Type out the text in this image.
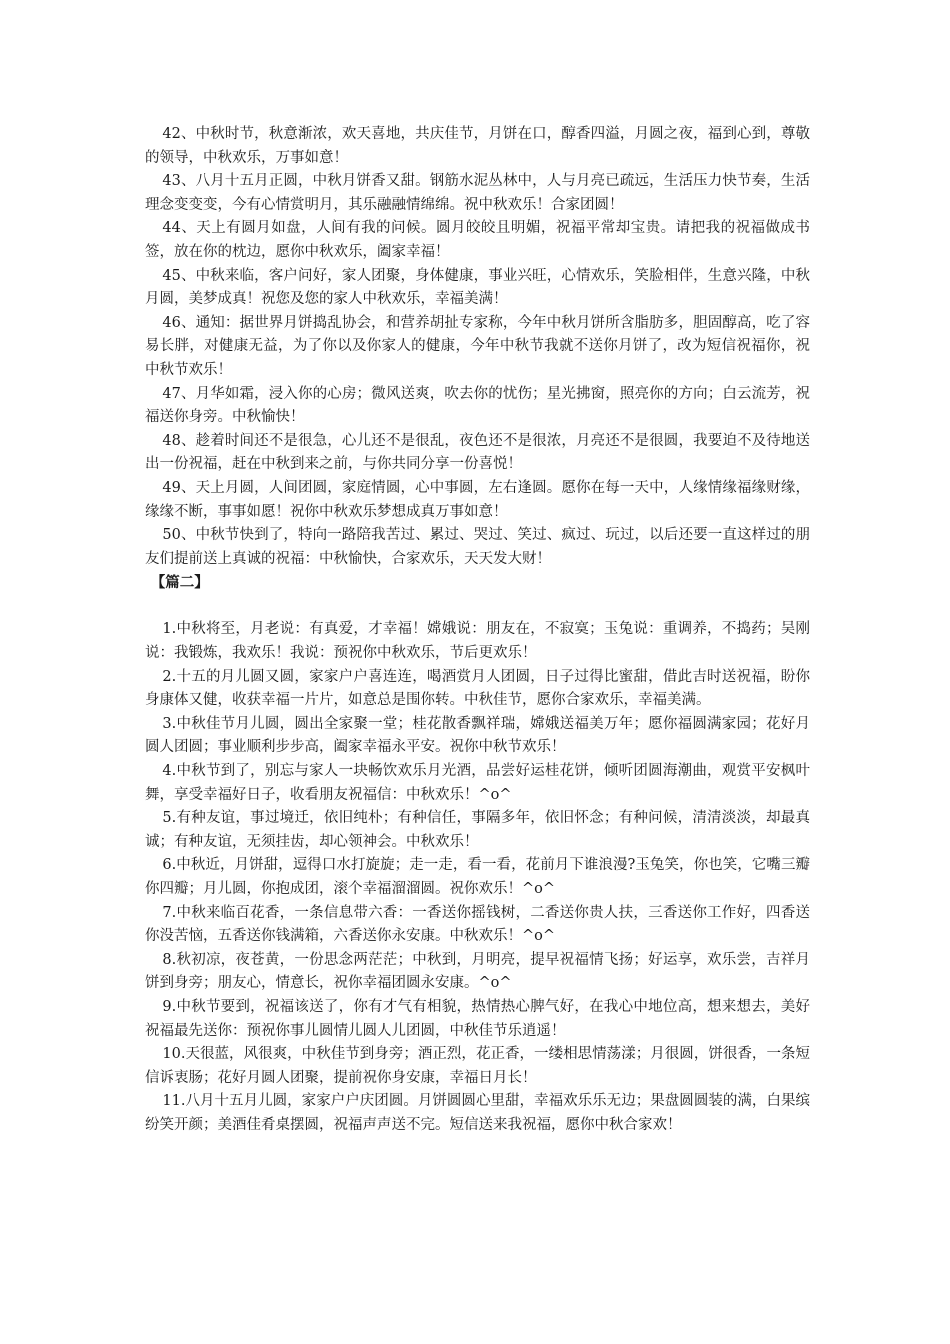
42、中秋时节，秋意渐浓，欢天喜地，共庆佳节，月饼在口，醇香四溢，月圆之夜，福到心到，尊敬的领导，中秋欢乐，万事如意！

43、八月十五月正圆，中秋月饼香又甜。钢筋水泥丛林中，人与月亮已疏远，生活压力快节奏，生活理念变变变，今有心情赏明月，其乐融融情绵绵。祝中秋欢乐！合家团圆！

44、天上有圆月如盘，人间有我的问候。圆月皎皎且明媚，祝福平常却宝贵。请把我的祝福做成书签，放在你的枕边，愿你中秋欢乐，阖家幸福！

45、中秋来临，客户问好，家人团聚，身体健康，事业兴旺，心情欢乐，笑脸相伴，生意兴隆，中秋月圆，美梦成真！祝您及您的家人中秋欢乐，幸福美满！

46、通知：据世界月饼捣乱协会，和营养胡扯专家称，今年中秋月饼所含脂肪多，胆固醇高，吃了容易长胖，对健康无益，为了你以及你家人的健康，今年中秋节我就不送你月饼了，改为短信祝福你，祝中秋节欢乐！

47、月华如霜，浸入你的心房；微风送爽，吹去你的忧伤；星光拂窗，照亮你的方向；白云流芳，祝福送你身旁。中秋愉快！

48、趁着时间还不是很急，心儿还不是很乱，夜色还不是很浓，月亮还不是很圆，我要迫不及待地送出一份祝福，赶在中秋到来之前，与你共同分享一份喜悦！

49、天上月圆，人间团圆，家庭情圆，心中事圆，左右逢圆。愿你在每一天中，人缘情缘福缘财缘，缘缘不断，事事如愿！祝你中秋欢乐梦想成真万事如意！

50、中秋节快到了，特向一路陪我苦过、累过、哭过、笑过、疯过、玩过，以后还要一直这样过的朋友们提前送上真诚的祝福：中秋愉快，合家欢乐，天天发大财！

【篇二】

1.中秋将至，月老说：有真爱，才幸福！嫦娥说：朋友在，不寂寞；玉兔说：重调养，不捣药；吴刚说：我锻炼，我欢乐！我说：预祝你中秋欢乐，节后更欢乐！

2.十五的月儿圆又圆，家家户户喜连连，喝酒赏月人团圆，日子过得比蜜甜，借此吉时送祝福，盼你身康体又健，收获幸福一片片，如意总是围你转。中秋佳节，愿你合家欢乐，幸福美满。

3.中秋佳节月儿圆，圆出全家聚一堂；桂花散香飘祥瑞，嫦娥送福美万年；愿你福圆满家园；花好月圆人团圆；事业顺利步步高，阖家幸福永平安。祝你中秋节欢乐！

4.中秋节到了，别忘与家人一块畅饮欢乐月光酒，品尝好运桂花饼，倾听团圆海潮曲，观赏平安枫叶舞，享受幸福好日子，收看朋友祝福信：中秋欢乐！^o^

5.有种友谊，事过境迁，依旧纯朴；有种信任，事隔多年，依旧怀念；有种问候，清清淡淡，却最真诚；有种友谊，无须挂齿，却心领神会。中秋欢乐！

6.中秋近，月饼甜，逗得口水打旋旋；走一走，看一看，花前月下谁浪漫?玉兔笑，你也笑，它嘴三瓣你四瓣；月儿圆，你抱成团，滚个幸福溜溜圆。祝你欢乐！^o^

7.中秋来临百花香，一条信息带六香：一香送你摇钱树，二香送你贵人扶，三香送你工作好，四香送你没苦恼，五香送你钱满箱，六香送你永安康。中秋欢乐！^o^

8.秋初凉，夜苍黄，一份思念两茫茫；中秋到，月明亮，提早祝福情飞扬；好运享，欢乐尝，吉祥月饼到身旁；朋友心，情意长，祝你幸福团圆永安康。^o^

9.中秋节要到，祝福该送了，你有才气有相貌，热情热心脾气好，在我心中地位高，想来想去，美好祝福最先送你：预祝你事儿圆情儿圆人儿团圆，中秋佳节乐逍遥！

10.天很蓝，风很爽，中秋佳节到身旁；酒正烈，花正香，一缕相思情荡漾；月很圆，饼很香，一条短信诉衷肠；花好月圆人团聚，提前祝你身安康，幸福日月长！

11.八月十五月儿圆，家家户户庆团圆。月饼圆圆心里甜，幸福欢乐乐无边；果盘圆圆装的满，白果缤纷笑开颜；美酒佳肴桌摆圆，祝福声声送不完。短信送来我祝福，愿你中秋合家欢！
